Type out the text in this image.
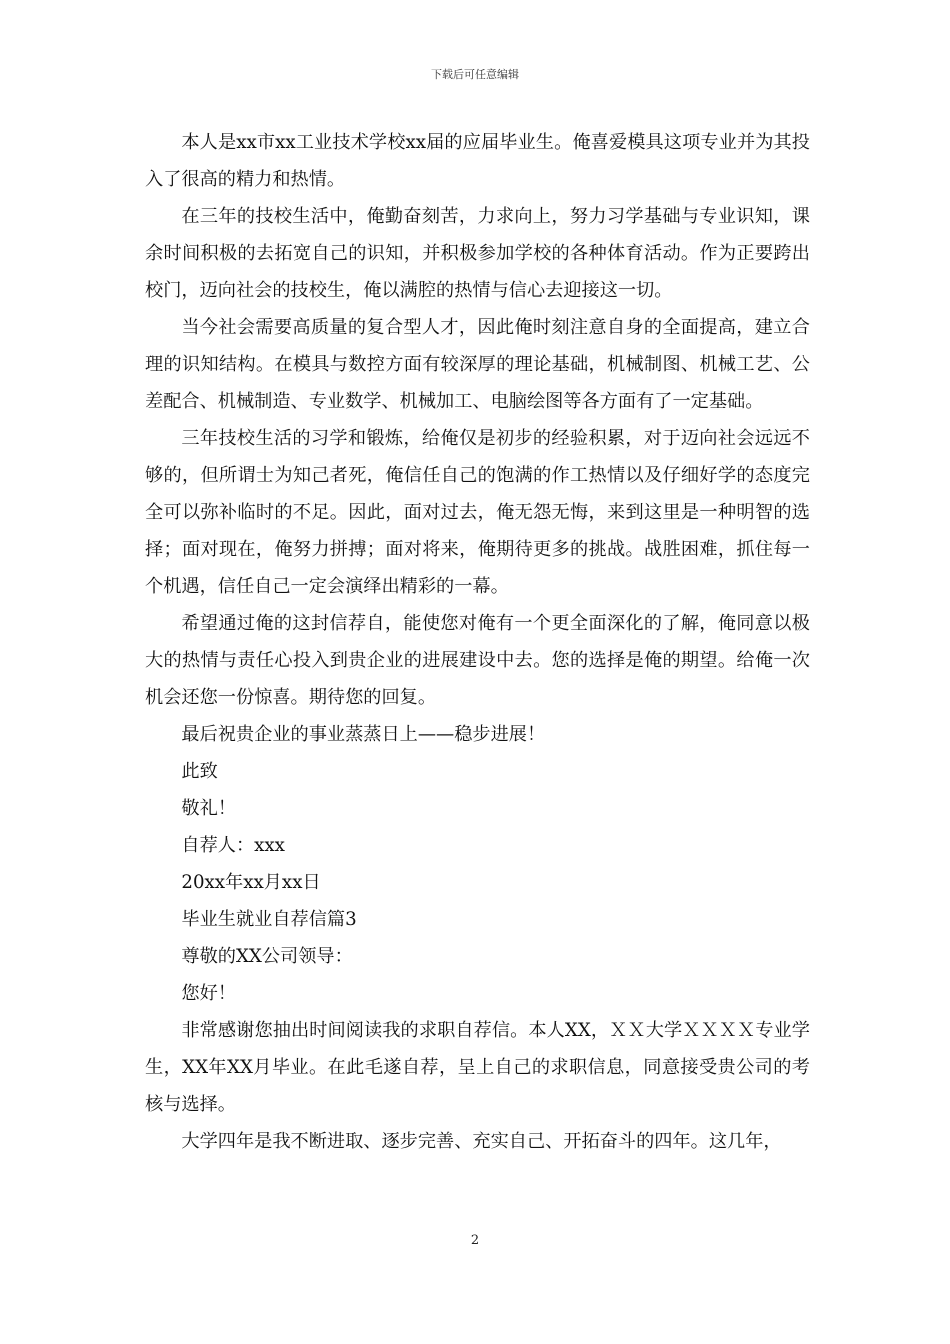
下载后可任意编辑

本人是xx市xx工业技术学校xx届的应届毕业生。俺喜爱模具这项专业并为其投入了很高的精力和热情。

在三年的技校生活中，俺勤奋刻苦，力求向上，努力习学基础与专业识知，课余时间积极的去拓宽自己的识知，并积极参加学校的各种体育活动。作为正要跨出校门，迈向社会的技校生，俺以满腔的热情与信心去迎接这一切。

当今社会需要高质量的复合型人才，因此俺时刻注意自身的全面提高，建立合理的识知结构。在模具与数控方面有较深厚的理论基础，机械制图、机械工艺、公差配合、机械制造、专业数学、机械加工、电脑绘图等各方面有了一定基础。

三年技校生活的习学和锻炼，给俺仅是初步的经验积累，对于迈向社会远远不够的，但所谓士为知己者死，俺信任自己的饱满的作工热情以及仔细好学的态度完全可以弥补临时的不足。因此，面对过去，俺无怨无悔，来到这里是一种明智的选择；面对现在，俺努力拼搏；面对将来，俺期待更多的挑战。战胜困难，抓住每一个机遇，信任自己一定会演绎出精彩的一幕。

希望通过俺的这封信荐自，能使您对俺有一个更全面深化的了解，俺同意以极大的热情与责任心投入到贵企业的进展建设中去。您的选择是俺的期望。给俺一次机会还您一份惊喜。期待您的回复。

最后祝贵企业的事业蒸蒸日上——稳步进展！

此致

敬礼！

自荐人：xxx

20xx年xx月xx日

毕业生就业自荐信篇3

尊敬的XX公司领导：

您好！

非常感谢您抽出时间阅读我的求职自荐信。本人XX，ＸＸ大学ＸＸＸＸ专业学生，XX年XX月毕业。在此毛遂自荐，呈上自己的求职信息，同意接受贵公司的考核与选择。

大学四年是我不断进取、逐步完善、充实自己、开拓奋斗的四年。这几年，

2
